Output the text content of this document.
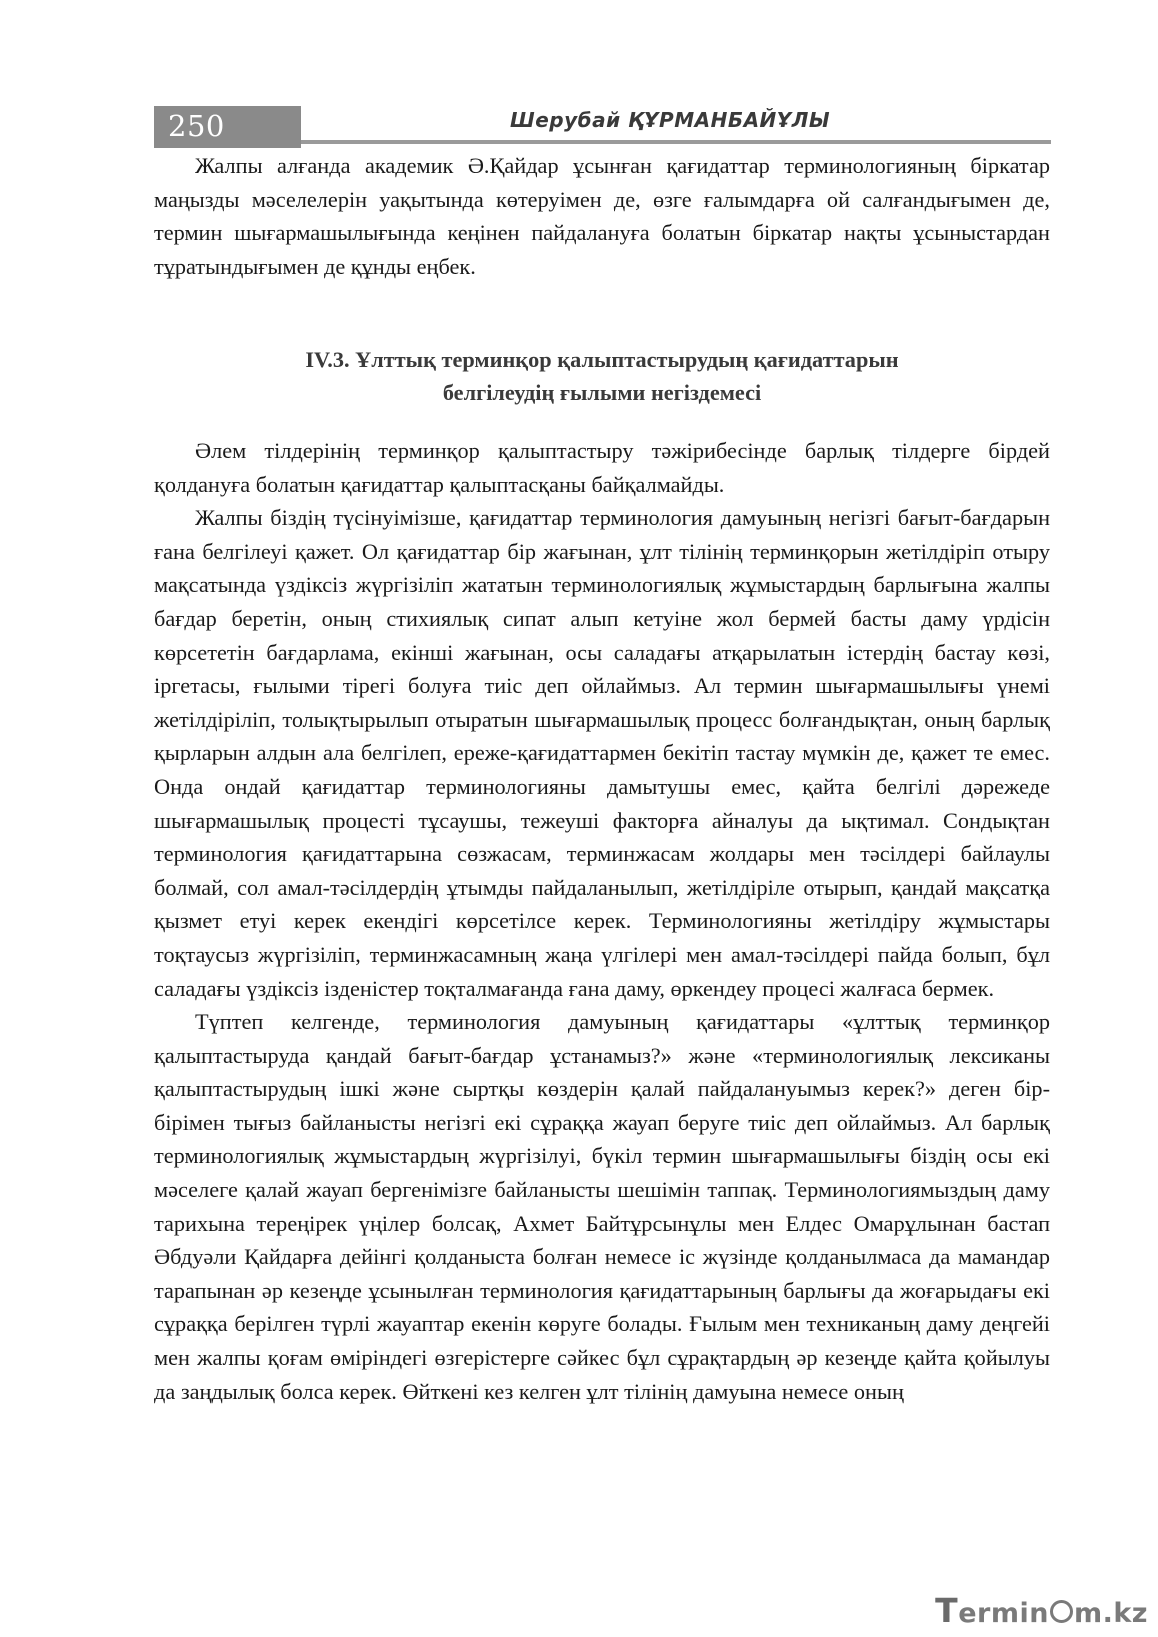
250	Шерубай ҚҰРМАНБАЙҰЛЫ

Жалпы алғанда академик Ә.Қайдар ұсынған қағидаттар терминологияның біркатар маңызды мәселелерін уақытында көтеруімен де, өзге ғалымдарға ой салғандығымен де, термин шығармашылығында кеңінен пайдалануға болатын біркатар нақты ұсыныстардан тұратындығымен де құнды еңбек.

IV.3. Ұлттық терминқор қалыптастырудың қағидаттарын
белгілеудің ғылыми негіздемесі

Әлем тілдерінің терминқор қалыптастыру тәжірибесінде барлық тілдерге бірдей қолдануға болатын қағидаттар қалыптасқаны байқалмайды.

Жалпы біздің түсінуімізше, қағидаттар терминология дамуының негізгі бағыт-бағдарын ғана белгілеуі қажет. Ол қағидаттар бір жағынан, ұлт тілінің терминқорын жетілдіріп отыру мақсатында үздіксіз жүргізіліп жататын терминологиялық жұмыстардың барлығына жалпы бағдар беретін, оның стихиялық сипат алып кетуіне жол бермей басты даму үрдісін көрсететін бағдарлама, екінші жағынан, осы саладағы атқарылатын істердің бастау көзі, іргетасы, ғылыми тірегі болуға тиіс деп ойлаймыз. Ал термин шығармашылығы үнемі жетілдіріліп, толықтырылып отыратын шығармашылық процесс болғандықтан, оның барлық қырларын алдын ала белгілеп, ереже-қағидаттармен бекітіп тастау мүмкін де, қажет те емес. Онда ондай қағидаттар терминологияны дамытушы емес, қайта белгілі дәрежеде шығармашылық процесті тұсаушы, тежеуші факторға айналуы да ықтимал. Сондықтан терминология қағидаттарына сөзжасам, терминжасам жолдары мен тәсілдері байлаулы болмай, сол амал-тәсілдердің ұтымды пайдаланылып, жетілдіріле отырып, қандай мақсатқа қызмет етуі керек екендігі көрсетілсе керек. Терминологияны жетілдіру жұмыстары тоқтаусыз жүргізіліп, терминжасамның жаңа үлгілері мен амал-тәсілдері пайда болып, бұл саладағы үздіксіз ізденістер тоқталмағанда ғана даму, өркендеу процесі жалғаса бермек.

Түптеп келгенде, терминология дамуының қағидаттары «ұлттық терминқор қалыптастыруда қандай бағыт-бағдар ұстанамыз?» және «терминологиялық лексиканы қалыптастырудың ішкі және сыртқы көздерін қалай пайдалануымыз керек?» деген бір-бірімен тығыз байланысты негізгі екі сұраққа жауап беруге тиіс деп ойлаймыз. Ал барлық терминологиялық жұмыстардың жүргізілуі, бүкіл термин шығармашылығы біздің осы екі мәселеге қалай жауап бергенімізге байланысты шешімін таппақ. Терминологиямыздың даму тарихына тереңірек үңілер болсақ, Ахмет Байтұрсынұлы мен Елдес Омарұлынан бастап Әбдуәли Қайдарға дейінгі қолданыста болған немесе іс жүзінде қолданылмаса да мамандар тарапынан әр кезеңде ұсынылған терминология қағидаттарының барлығы да жоғарыдағы екі сұраққа берілген түрлі жауаптар екенін көруге болады. Ғылым мен техниканың даму деңгейі мен жалпы қоғам өміріндегі өзгерістерге сәйкес бұл сұрақтардың әр кезеңде қайта қойылуы да заңдылық болса керек. Өйткені кез келген ұлт тілінің дамуына немесе оның

Termin m.kz
